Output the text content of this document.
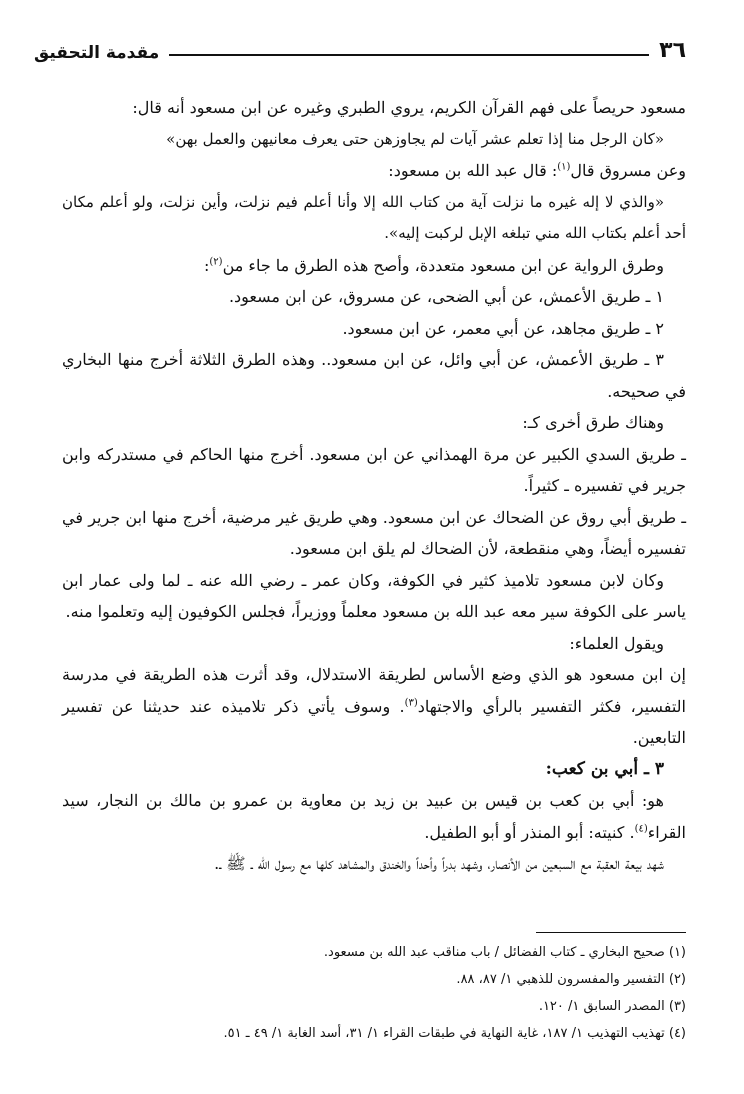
٣٦
مقدمة التحقيق

مسعود حريصاً على فهم القرآن الكريم، يروي الطبري وغيره عن ابن مسعود أنه قال:

«كان الرجل منا إذا تعلم عشر آيات لم يجاوزهن حتى يعرف معانيهن والعمل بهن»

وعن مسروق قال$^{(١)}$: قال عبد الله بن مسعود:

«والذي لا إله غيره ما نزلت آية من كتاب الله إلا وأنا أعلم فيم نزلت، وأين نزلت، ولو أعلم مكان أحد أعلم بكتاب الله مني تبلغه الإبل لركبت إليه».

وطرق الرواية عن ابن مسعود متعددة، وأصح هذه الطرق ما جاء من$^{(٢)}$:

١ ـ طريق الأعمش، عن أبي الضحى، عن مسروق، عن ابن مسعود.

٢ ـ طريق مجاهد، عن أبي معمر، عن ابن مسعود.

٣ ـ طريق الأعمش، عن أبي وائل، عن ابن مسعود.. وهذه الطرق الثلاثة أخرج منها البخاري في صحيحه.

وهناك طرق أخرى كـ:

ـ طريق السدي الكبير عن مرة الهمذاني عن ابن مسعود. أخرج منها الحاكم في مستدركه وابن جرير في تفسيره ـ كثيراً.

ـ طريق أبي روق عن الضحاك عن ابن مسعود. وهي طريق غير مرضية، أخرج منها ابن جرير في تفسيره أيضاً، وهي منقطعة، لأن الضحاك لم يلق ابن مسعود.

وكان لابن مسعود تلاميذ كثير في الكوفة، وكان عمر ـ رضي الله عنه ـ لما ولى عمار ابن ياسر على الكوفة سير معه عبد الله بن مسعود معلماً ووزيراً، فجلس الكوفيون إليه وتعلموا منه.

ويقول العلماء:

إن ابن مسعود هو الذي وضع الأساس لطريقة الاستدلال، وقد أثرت هذه الطريقة في مدرسة التفسير، فكثر التفسير بالرأي والاجتهاد$^{(٣)}$. وسوف يأتي ذكر تلاميذه عند حديثنا عن تفسير التابعين.

٣ ـ أبي بن كعب:

هو: أبي بن كعب بن قيس بن عبيد بن زيد بن معاوية بن عمرو بن مالك بن النجار، سيد القراء$^{(٤)}$. كنيته: أبو المنذر أو أبو الطفيل.

شهد بيعة العقبة مع السبعين من الأنصار، وشهد بدراً وأحداً والخندق والمشاهد كلها مع رسول الله ـ ﷺ ـ.

(١) صحيح البخاري ـ كتاب الفضائل / باب مناقب عبد الله بن مسعود.

(٢) التفسير والمفسرون للذهبي ١/ ٨٧، ٨٨.

(٣) المصدر السابق ١/ ١٢٠.

(٤) تهذيب التهذيب ١/ ١٨٧، غاية النهاية في طبقات القراء ١/ ٣١، أسد الغابة ١/ ٤٩ ـ ٥١.
